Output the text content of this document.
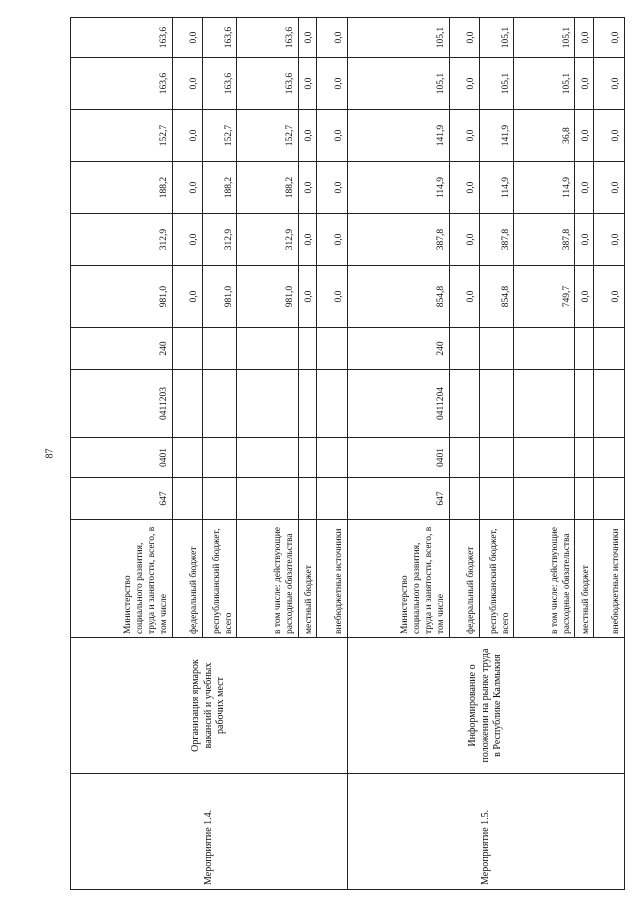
87
Мероприятие 1.4.	Организация ярмарок вакансий и учебных рабочих мест	Министерство социального развития, труда и занятости, всего, в том числе	647	0401	0411203	240	981,0	312,9	188,2	152,7	163,6	163,6
		федеральный бюджет					0,0	0,0	0,0	0,0	0,0	0,0
		республиканский бюджет, всего					981,0	312,9	188,2	152,7	163,6	163,6
		в том числе: действующие расходные обязательства					981,0	312,9	188,2	152,7	163,6	163,6
		местный бюджет					0,0	0,0	0,0	0,0	0,0	0,0
		внебюджетные источники					0,0	0,0	0,0	0,0	0,0	0,0
Мероприятие 1.5.	Информирование о положении на рынке труда в Республике Калмыкия	Министерство социального развития, труда и занятости, всего, в том числе	647	0401	0411204	240	854,8	387,8	114,9	141,9	105,1	105,1
		федеральный бюджет					0,0	0,0	0,0	0,0	0,0	0,0
		республиканский бюджет, всего					854,8	387,8	114,9	141,9	105,1	105,1
		в том числе: действующие расходные обязательства					749,7	387,8	114,9	36,8	105,1	105,1
		местный бюджет					0,0	0,0	0,0	0,0	0,0	0,0
		внебюджетные источники					0,0	0,0	0,0	0,0	0,0	0,0
